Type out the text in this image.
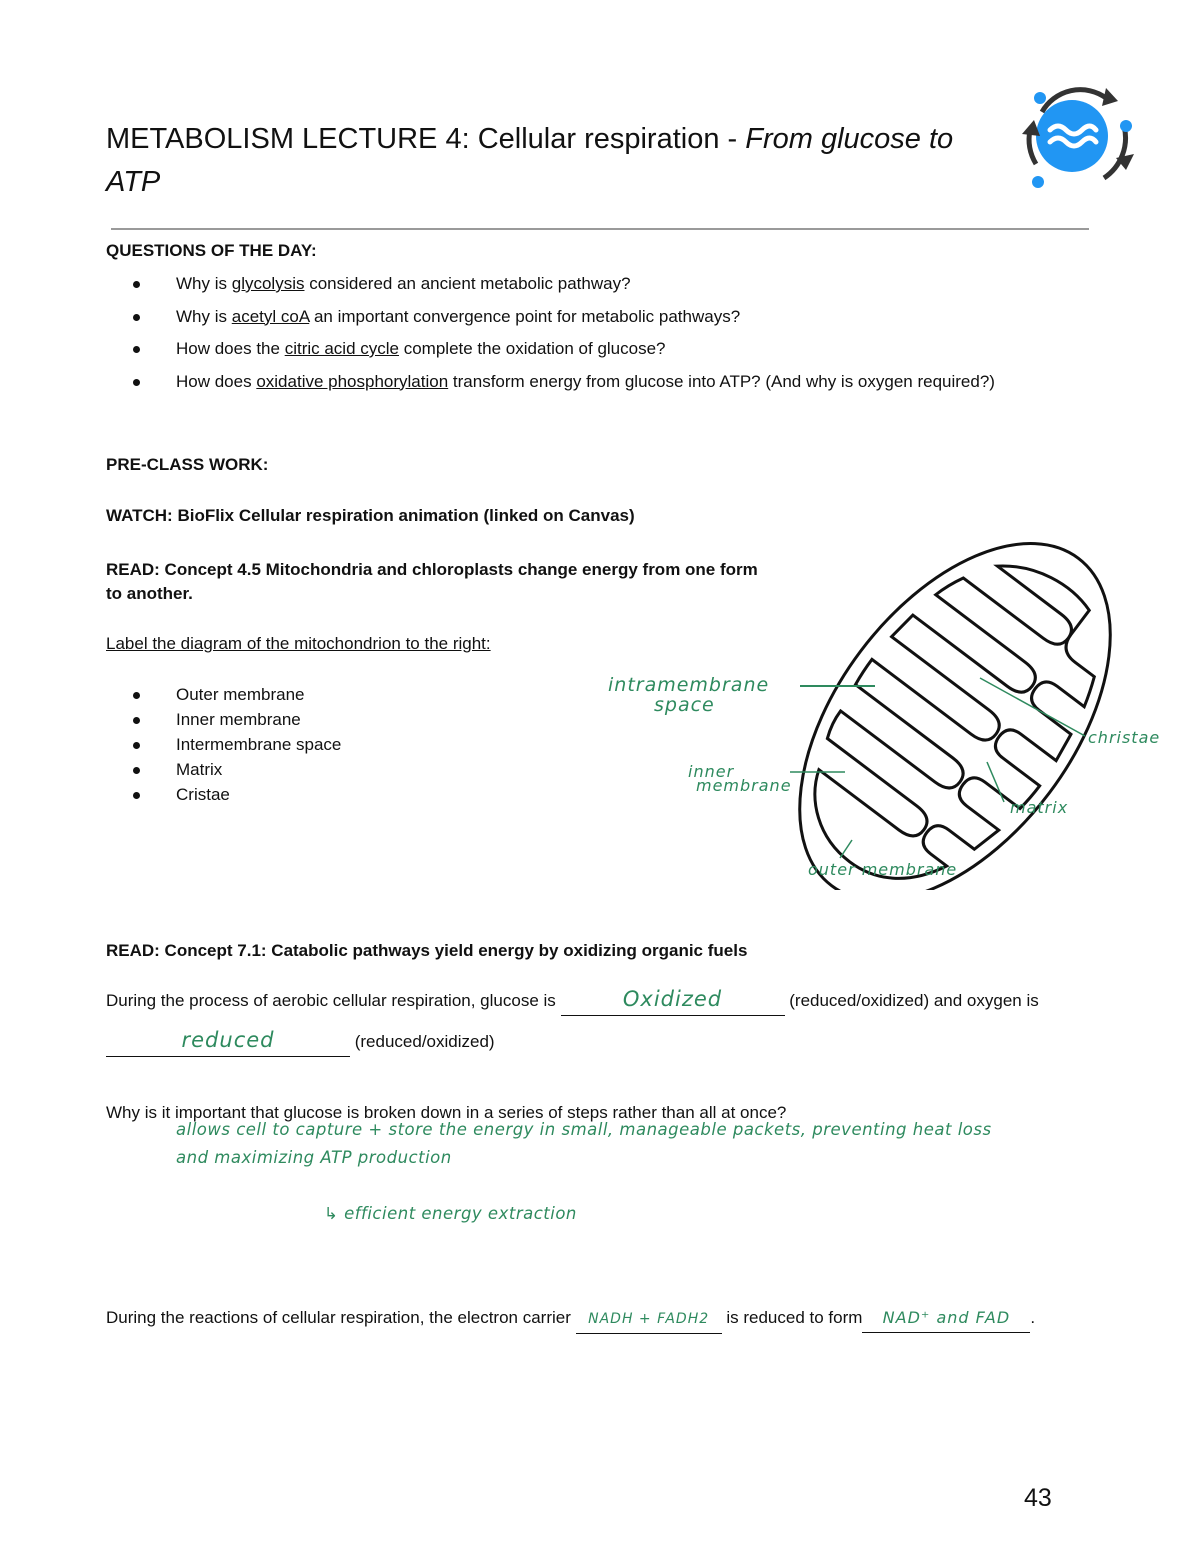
METABOLISM LECTURE 4: Cellular respiration - From glucose to ATP
QUESTIONS OF THE DAY:
Why is glycolysis considered an ancient metabolic pathway?
Why is acetyl coA an important convergence point for metabolic pathways?
How does the citric acid cycle complete the oxidation of glucose?
How does oxidative phosphorylation transform energy from glucose into ATP? (And why is oxygen required?)
PRE-CLASS WORK:
WATCH: BioFlix Cellular respiration animation (linked on Canvas)
READ: Concept 4.5 Mitochondria and chloroplasts change energy from one form to another.
Label the diagram of the mitochondrion to the right:
Outer membrane
Inner membrane
Intermembrane space
Matrix
Cristae
intramembrane
space
inner
membrane
christae
matrix
outer membrane
READ: Concept 7.1: Catabolic pathways yield energy by oxidizing organic fuels
During the process of aerobic cellular respiration, glucose is	Oxidized	(reduced/oxidized) and oxygen is
reduced	(reduced/oxidized)
Why is it important that glucose is broken down in a series of steps rather than all at once?
allows cell to capture + store the energy in small, manageable packets, preventing heat loss
and maximizing ATP production
↳ efficient energy extraction
During the reactions of cellular respiration, the electron carrier NADH + FADH2 is reduced to form NAD⁺ and FAD .
43
